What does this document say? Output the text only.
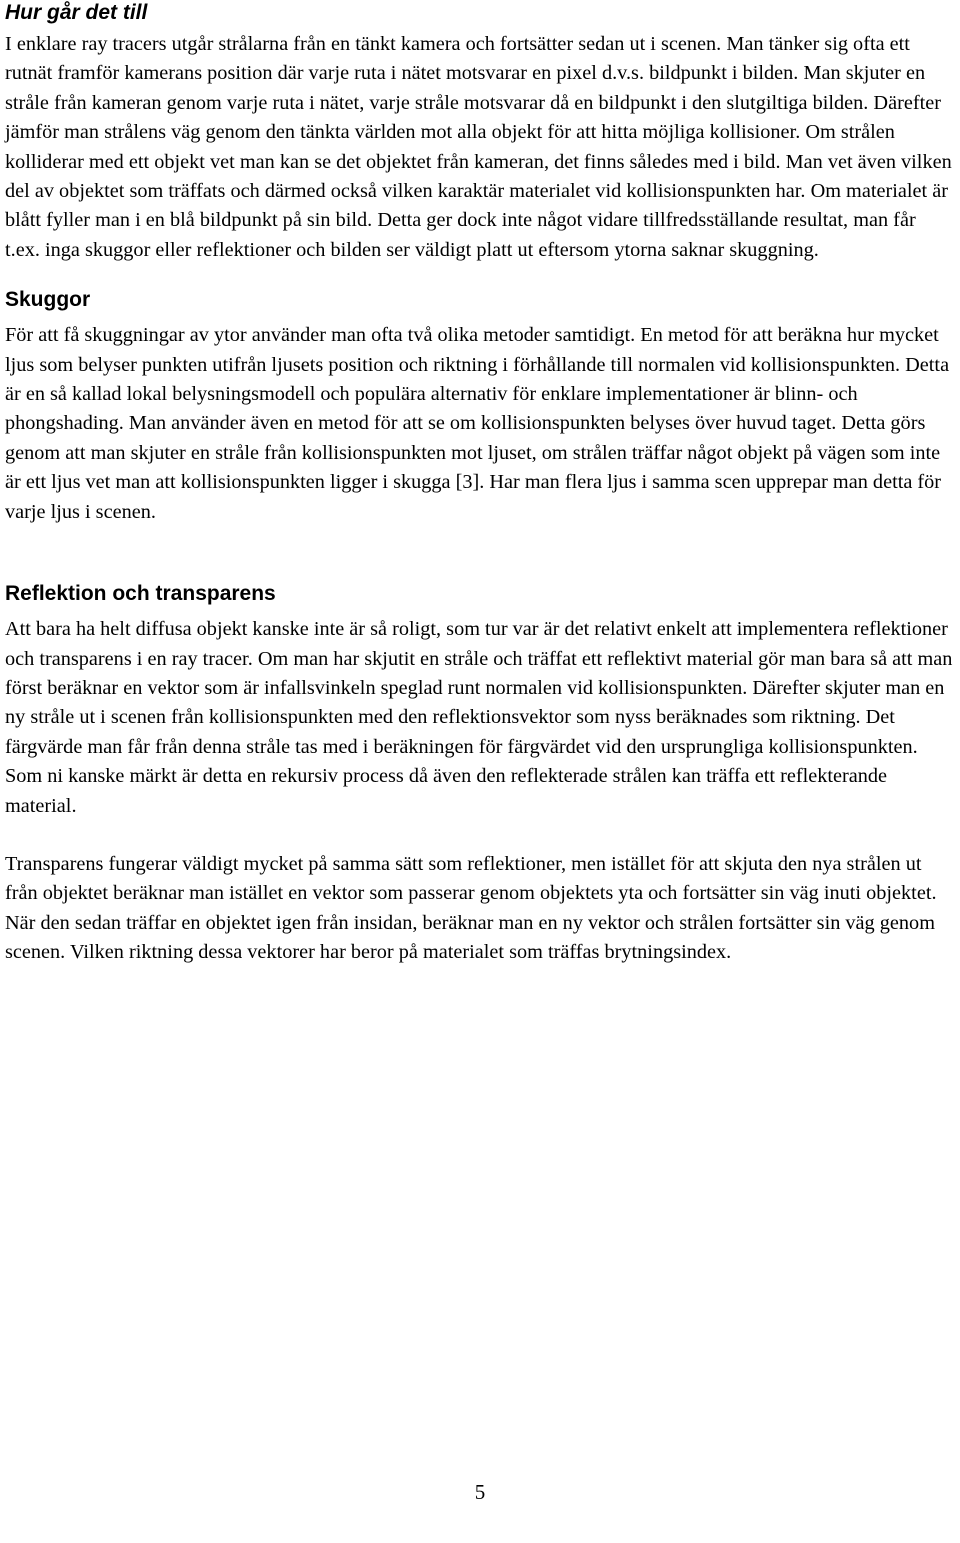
Hur går det till

I enklare ray tracers utgår strålarna från en tänkt kamera och fortsätter sedan ut i scenen. Man tänker sig ofta ett rutnät framför kamerans position där varje ruta i nätet motsvarar en pixel d.v.s. bildpunkt i bilden. Man skjuter en stråle från kameran genom varje ruta i nätet, varje stråle motsvarar då en bildpunkt i den slutgiltiga bilden. Därefter jämför man strålens väg genom den tänkta världen mot alla objekt för att hitta möjliga kollisioner. Om strålen kolliderar med ett objekt vet man kan se det objektet från kameran, det finns således med i bild. Man vet även vilken del av objektet som träffats och därmed också vilken karaktär materialet vid kollisionspunkten har. Om materialet är blått fyller man i en blå bildpunkt på sin bild. Detta ger dock inte något vidare tillfredsställande resultat, man får t.ex. inga skuggor eller reflektioner och bilden ser väldigt platt ut eftersom ytorna saknar skuggning.

Skuggor

För att få skuggningar av ytor använder man ofta två olika metoder samtidigt. En metod för att beräkna hur mycket ljus som belyser punkten utifrån ljusets position och riktning i förhållande till normalen vid kollisionspunkten. Detta är en så kallad lokal belysningsmodell och populära alternativ för enklare implementationer är blinn- och phongshading. Man använder även en metod för att se om kollisionspunkten belyses över huvud taget. Detta görs genom att man skjuter en stråle från kollisionspunkten mot ljuset, om strålen träffar något objekt på vägen som inte är ett ljus vet man att kollisionspunkten ligger i skugga [3]. Har man flera ljus i samma scen upprepar man detta för varje ljus i scenen.

Reflektion och transparens

Att bara ha helt diffusa objekt kanske inte är så roligt, som tur var är det relativt enkelt att implementera reflektioner och transparens i en ray tracer. Om man har skjutit en stråle och träffat ett reflektivt material gör man bara så att man först beräknar en vektor som är infallsvinkeln speglad runt normalen vid kollisionspunkten. Därefter skjuter man en ny stråle ut i scenen från kollisionspunkten med den reflektionsvektor som nyss beräknades som riktning. Det färgvärde man får från denna stråle tas med i beräkningen för färgvärdet vid den ursprungliga kollisionspunkten. Som ni kanske märkt är detta en rekursiv process då även den reflekterade strålen kan träffa ett reflekterande material.

Transparens fungerar väldigt mycket på samma sätt som reflektioner, men istället för att skjuta den nya strålen ut från objektet beräknar man istället en vektor som passerar genom objektets yta och fortsätter sin väg inuti objektet. När den sedan träffar en objektet igen från insidan, beräknar man en ny vektor och strålen fortsätter sin väg genom scenen. Vilken riktning dessa vektorer har beror på materialet som träffas brytningsindex.

5
